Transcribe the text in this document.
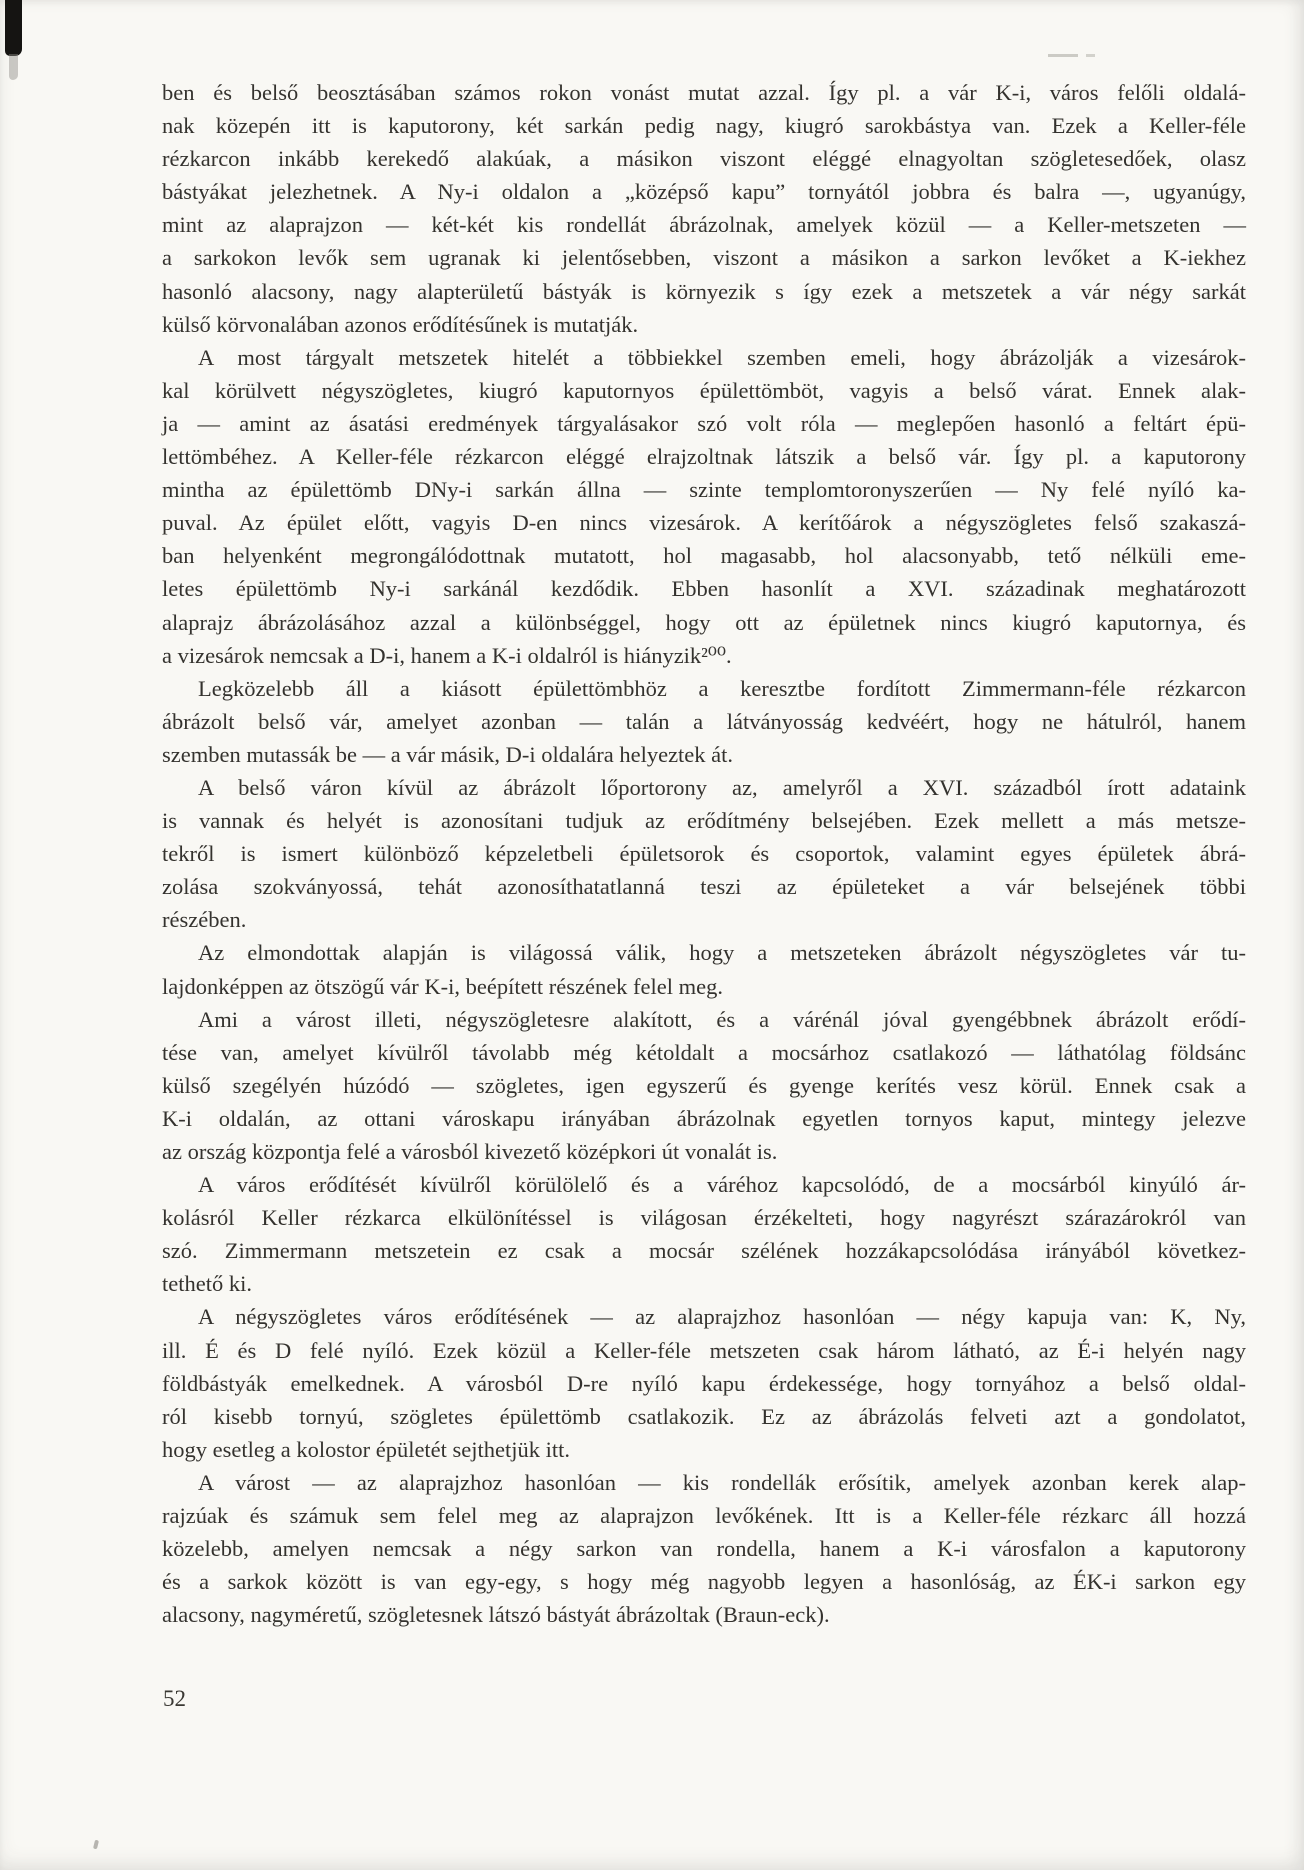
ben és belső beosztásában számos rokon vonást mutat azzal. Így pl. a vár K-i, város felőli oldalá-
nak közepén itt is kaputorony, két sarkán pedig nagy, kiugró sarokbástya van. Ezek a Keller-féle
rézkarcon inkább kerekedő alakúak, a másikon viszont eléggé elnagyoltan szögletesedőek, olasz
bástyákat jelezhetnek. A Ny-i oldalon a „középső kapu” tornyától jobbra és balra —, ugyanúgy,
mint az alaprajzon — két-két kis rondellát ábrázolnak, amelyek közül — a Keller-metszeten —
a sarkokon levők sem ugranak ki jelentősebben, viszont a másikon a sarkon levőket a K-iekhez
hasonló alacsony, nagy alapterületű bástyák is környezik s így ezek a metszetek a vár négy sarkát
külső körvonalában azonos erődítésűnek is mutatják.
A most tárgyalt metszetek hitelét a többiekkel szemben emeli, hogy ábrázolják a vizesárok-
kal körülvett négyszögletes, kiugró kaputornyos épülettömböt, vagyis a belső várat. Ennek alak-
ja — amint az ásatási eredmények tárgyalásakor szó volt róla — meglepően hasonló a feltárt épü-
lettömbéhez. A Keller-féle rézkarcon eléggé elrajzoltnak látszik a belső vár. Így pl. a kaputorony
mintha az épülettömb DNy-i sarkán állna — szinte templomtoronyszerűen — Ny felé nyíló ka-
puval. Az épület előtt, vagyis D-en nincs vizesárok. A kerítőárok a négyszögletes felső szakaszá-
ban helyenként megrongálódottnak mutatott, hol magasabb, hol alacsonyabb, tető nélküli eme-
letes épülettömb Ny-i sarkánál kezdődik. Ebben hasonlít a XVI. századinak meghatározott
alaprajz ábrázolásához azzal a különbséggel, hogy ott az épületnek nincs kiugró kaputornya, és
a vizesárok nemcsak a D-i, hanem a K-i oldalról is hiányzik²⁰⁰.
Legközelebb áll a kiásott épülettömbhöz a keresztbe fordított Zimmermann-féle rézkarcon
ábrázolt belső vár, amelyet azonban — talán a látványosság kedvéért, hogy ne hátulról, hanem
szemben mutassák be — a vár másik, D-i oldalára helyeztek át.
A belső váron kívül az ábrázolt lőportorony az, amelyről a XVI. századból írott adataink
is vannak és helyét is azonosítani tudjuk az erődítmény belsejében. Ezek mellett a más metsze-
tekről is ismert különböző képzeletbeli épületsorok és csoportok, valamint egyes épületek ábrá-
zolása szokványossá, tehát azonosíthatatlanná teszi az épületeket a vár belsejének többi
részében.
Az elmondottak alapján is világossá válik, hogy a metszeteken ábrázolt négyszögletes vár tu-
lajdonképpen az ötszögű vár K-i, beépített részének felel meg.
Ami a várost illeti, négyszögletesre alakított, és a várénál jóval gyengébbnek ábrázolt erődí-
tése van, amelyet kívülről távolabb még kétoldalt a mocsárhoz csatlakozó — láthatólag földsánc
külső szegélyén húzódó — szögletes, igen egyszerű és gyenge kerítés vesz körül. Ennek csak a
K-i oldalán, az ottani városkapu irányában ábrázolnak egyetlen tornyos kaput, mintegy jelezve
az ország központja felé a városból kivezető középkori út vonalát is.
A város erődítését kívülről körülölelő és a váréhoz kapcsolódó, de a mocsárból kinyúló ár-
kolásról Keller rézkarca elkülönítéssel is világosan érzékelteti, hogy nagyrészt szárazárokról van
szó. Zimmermann metszetein ez csak a mocsár szélének hozzákapcsolódása irányából következ-
tethető ki.
A négyszögletes város erődítésének — az alaprajzhoz hasonlóan — négy kapuja van: K, Ny,
ill. É és D felé nyíló. Ezek közül a Keller-féle metszeten csak három látható, az É-i helyén nagy
földbástyák emelkednek. A városból D-re nyíló kapu érdekessége, hogy tornyához a belső oldal-
ról kisebb tornyú, szögletes épülettömb csatlakozik. Ez az ábrázolás felveti azt a gondolatot,
hogy esetleg a kolostor épületét sejthetjük itt.
A várost — az alaprajzhoz hasonlóan — kis rondellák erősítik, amelyek azonban kerek alap-
rajzúak és számuk sem felel meg az alaprajzon levőkének. Itt is a Keller-féle rézkarc áll hozzá
közelebb, amelyen nemcsak a négy sarkon van rondella, hanem a K-i városfalon a kaputorony
és a sarkok között is van egy-egy, s hogy még nagyobb legyen a hasonlóság, az ÉK-i sarkon egy
alacsony, nagyméretű, szögletesnek látszó bástyát ábrázoltak (Braun-eck).
52
